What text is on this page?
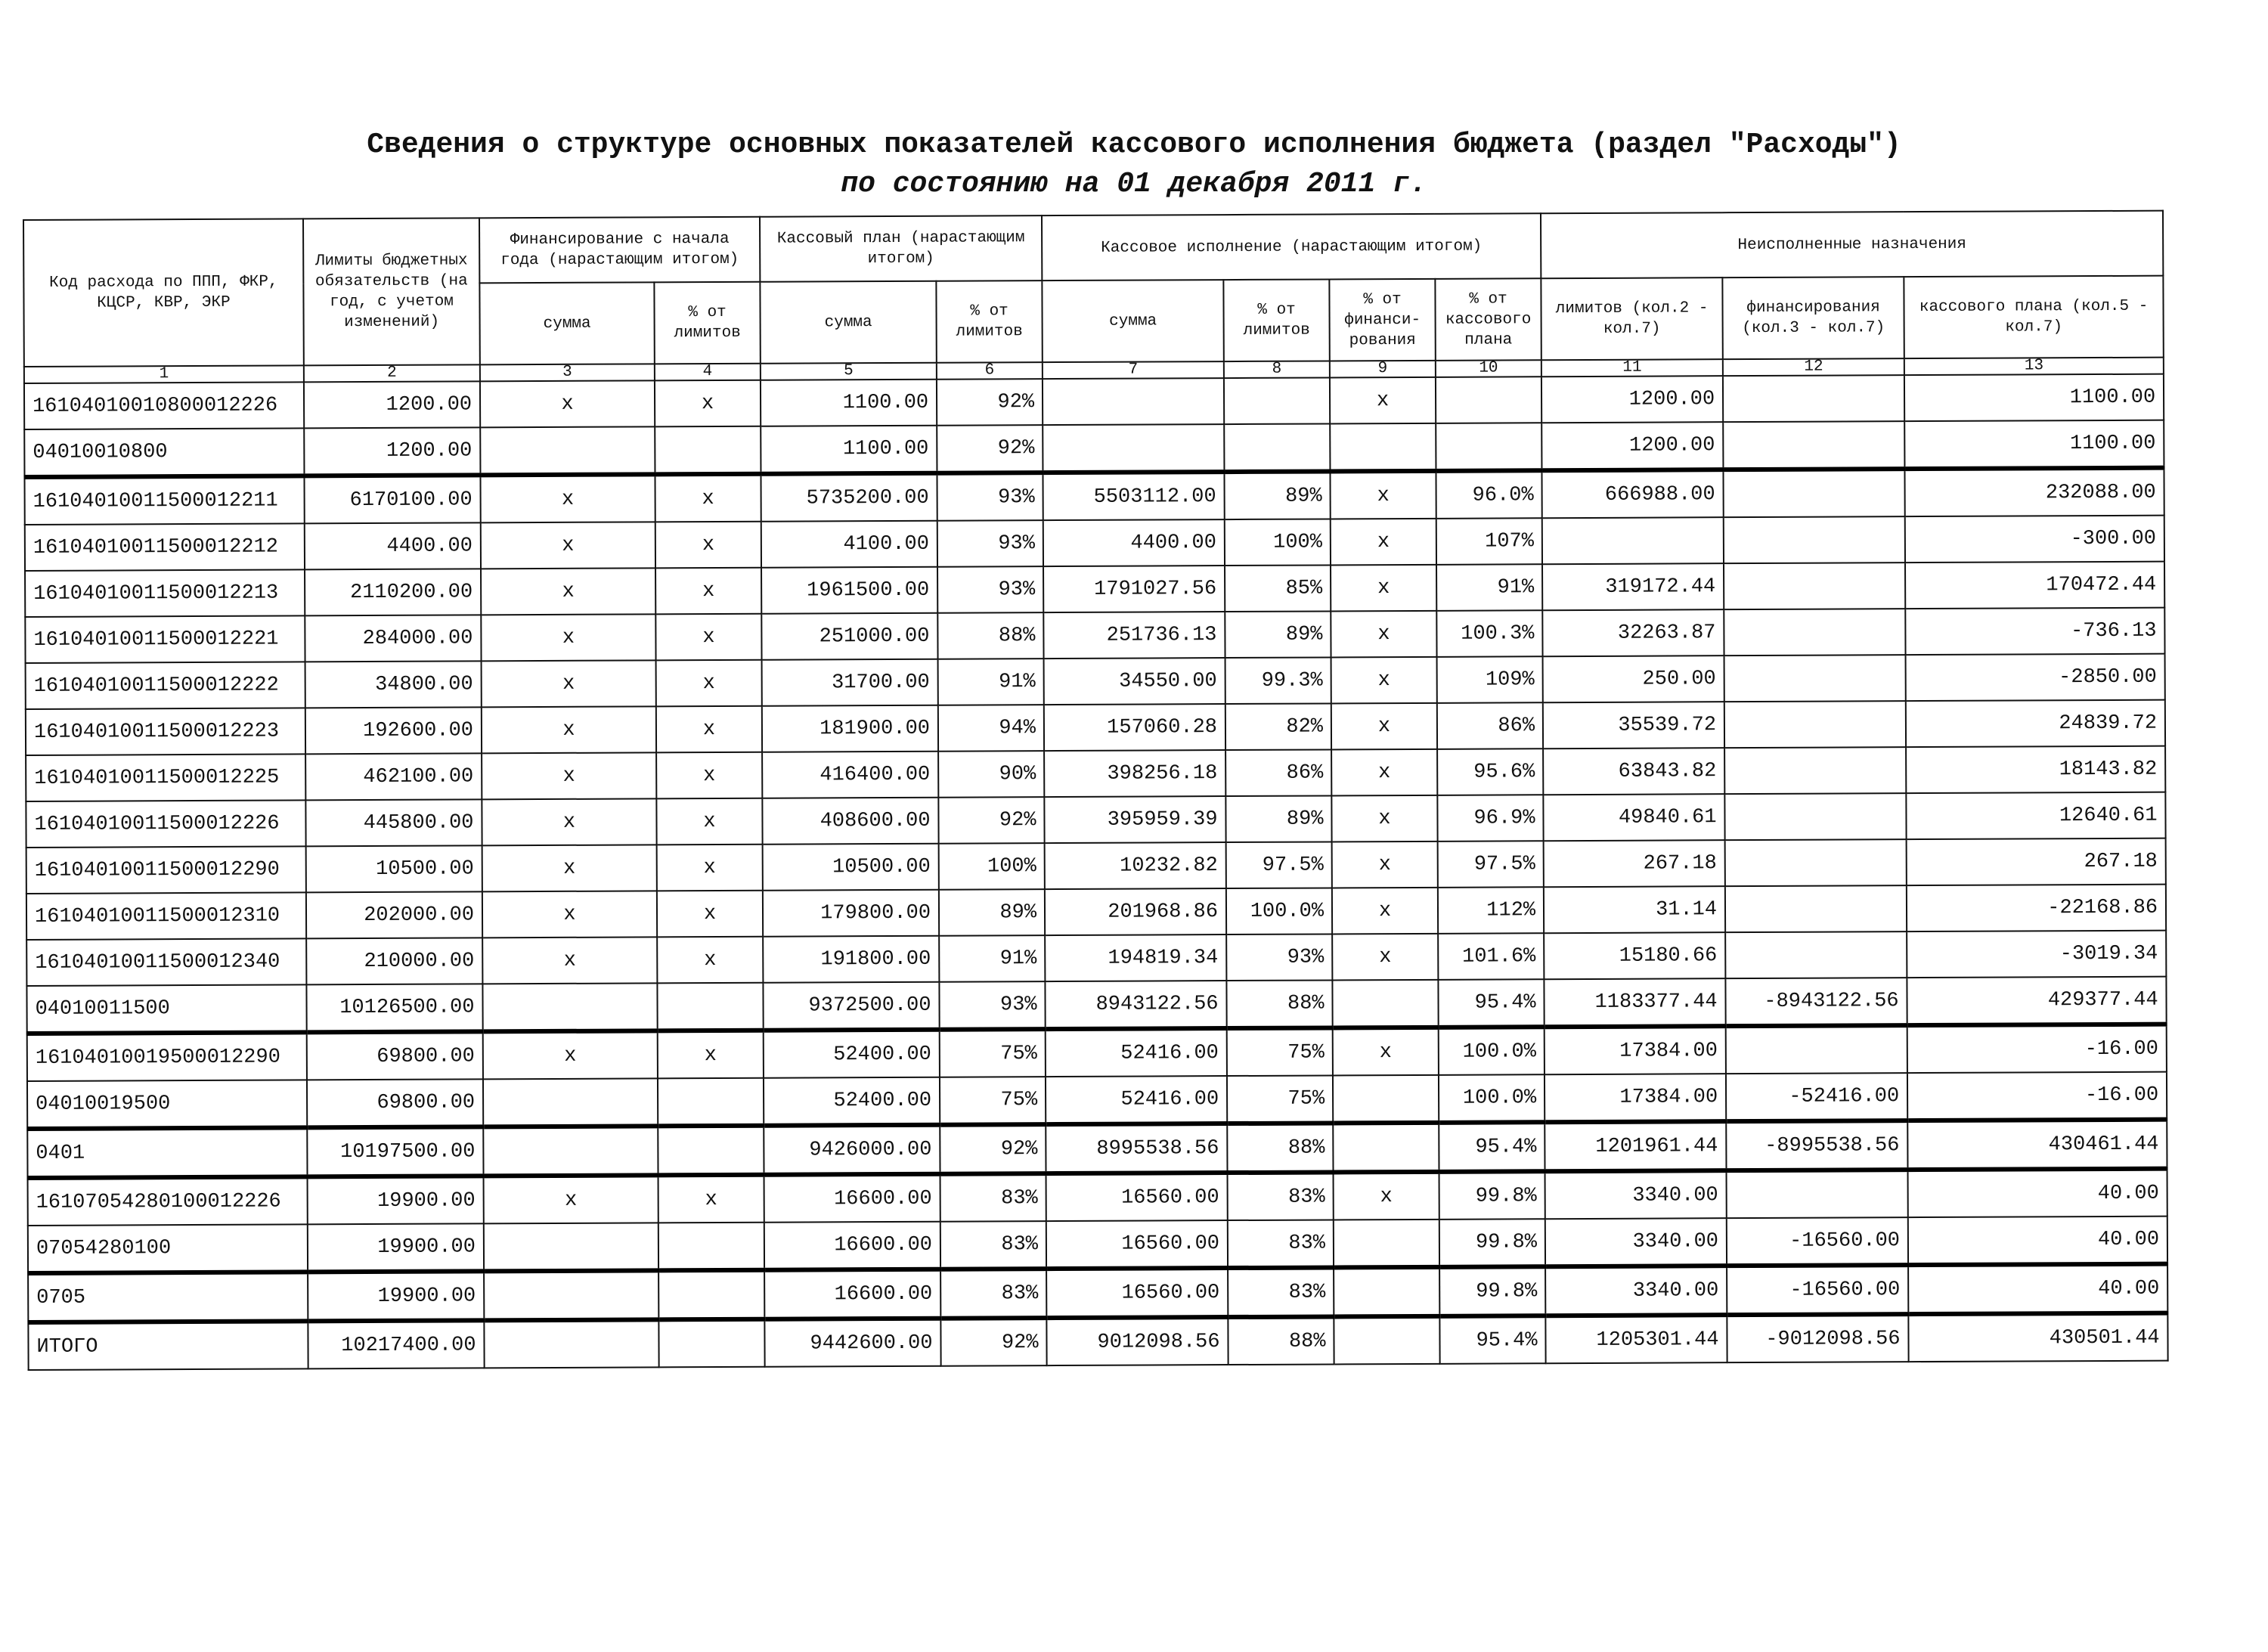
Сведения о структуре основных показателей кассового исполнения бюджета (раздел "Расходы")
по состоянию на 01 декабря 2011 г.
Код расхода по ППП, ФКР, КЦСР, КВР, ЭКР	Лимиты бюджетных обязательств (на год, с учетом изменений)	Финансирование с начала года (нарастающим итогом)		Кассовый план (нарастающим итогом)		Кассовое исполнение (нарастающим итогом)				Неисполненные назначения		
		сумма	% от лимитов	сумма	% от лимитов	сумма	% от лимитов	% от финанси-рования	% от кассового плана	лимитов (кол.2 - кол.7)	финансирования (кол.3 - кол.7)	кассового плана (кол.5 - кол.7)
1	2	3	4	5	6	7	8	9	10	11	12	13
16104010010800012226	1200.00	x	x	1100.00	92%			x		1200.00		1100.00
04010010800	1200.00			1100.00	92%					1200.00		1100.00
16104010011500012211	6170100.00	x	x	5735200.00	93%	5503112.00	89%	x	96.0%	666988.00		232088.00
16104010011500012212	4400.00	x	x	4100.00	93%	4400.00	100%	x	107%			-300.00
16104010011500012213	2110200.00	x	x	1961500.00	93%	1791027.56	85%	x	91%	319172.44		170472.44
16104010011500012221	284000.00	x	x	251000.00	88%	251736.13	89%	x	100.3%	32263.87		-736.13
16104010011500012222	34800.00	x	x	31700.00	91%	34550.00	99.3%	x	109%	250.00		-2850.00
16104010011500012223	192600.00	x	x	181900.00	94%	157060.28	82%	x	86%	35539.72		24839.72
16104010011500012225	462100.00	x	x	416400.00	90%	398256.18	86%	x	95.6%	63843.82		18143.82
16104010011500012226	445800.00	x	x	408600.00	92%	395959.39	89%	x	96.9%	49840.61		12640.61
16104010011500012290	10500.00	x	x	10500.00	100%	10232.82	97.5%	x	97.5%	267.18		267.18
16104010011500012310	202000.00	x	x	179800.00	89%	201968.86	100.0%	x	112%	31.14		-22168.86
16104010011500012340	210000.00	x	x	191800.00	91%	194819.34	93%	x	101.6%	15180.66		-3019.34
04010011500	10126500.00			9372500.00	93%	8943122.56	88%		95.4%	1183377.44	-8943122.56	429377.44
16104010019500012290	69800.00	x	x	52400.00	75%	52416.00	75%	x	100.0%	17384.00		-16.00
04010019500	69800.00			52400.00	75%	52416.00	75%		100.0%	17384.00	-52416.00	-16.00
0401	10197500.00			9426000.00	92%	8995538.56	88%		95.4%	1201961.44	-8995538.56	430461.44
16107054280100012226	19900.00	x	x	16600.00	83%	16560.00	83%	x	99.8%	3340.00		40.00
07054280100	19900.00			16600.00	83%	16560.00	83%		99.8%	3340.00	-16560.00	40.00
0705	19900.00			16600.00	83%	16560.00	83%		99.8%	3340.00	-16560.00	40.00
ИТОГО	10217400.00			9442600.00	92%	9012098.56	88%		95.4%	1205301.44	-9012098.56	430501.44
